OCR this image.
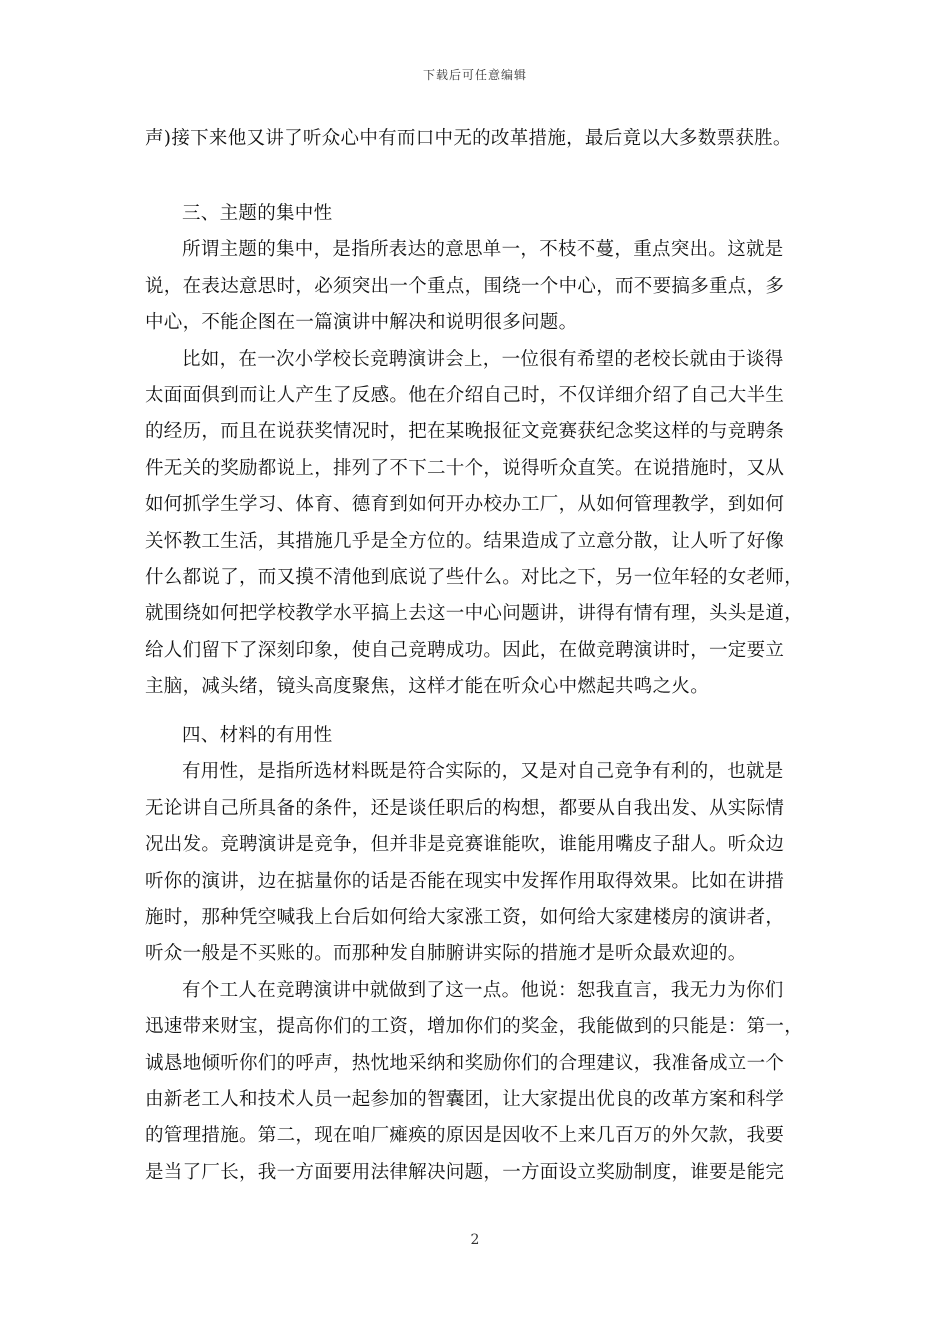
下载后可任意编辑
声)接下来他又讲了听众心中有而口中无的改革措施，最后竟以大多数票获胜。
三、主题的集中性
所谓主题的集中，是指所表达的意思单一，不枝不蔓，重点突出。这就是
说，在表达意思时，必须突出一个重点，围绕一个中心，而不要搞多重点，多
中心，不能企图在一篇演讲中解决和说明很多问题。
比如，在一次小学校长竞聘演讲会上，一位很有希望的老校长就由于谈得
太面面俱到而让人产生了反感。他在介绍自己时，不仅详细介绍了自己大半生
的经历，而且在说获奖情况时，把在某晚报征文竞赛获纪念奖这样的与竞聘条
件无关的奖励都说上，排列了不下二十个，说得听众直笑。在说措施时，又从
如何抓学生学习、体育、德育到如何开办校办工厂，从如何管理教学，到如何
关怀教工生活，其措施几乎是全方位的。结果造成了立意分散，让人听了好像
什么都说了，而又摸不清他到底说了些什么。对比之下，另一位年轻的女老师，
就围绕如何把学校教学水平搞上去这一中心问题讲，讲得有情有理，头头是道，
给人们留下了深刻印象，使自己竞聘成功。因此，在做竞聘演讲时，一定要立
主脑，减头绪，镜头高度聚焦，这样才能在听众心中燃起共鸣之火。
四、材料的有用性
有用性，是指所选材料既是符合实际的，又是对自己竞争有利的，也就是
无论讲自己所具备的条件，还是谈任职后的构想，都要从自我出发、从实际情
况出发。竞聘演讲是竞争，但并非是竞赛谁能吹，谁能用嘴皮子甜人。听众边
听你的演讲，边在掂量你的话是否能在现实中发挥作用取得效果。比如在讲措
施时，那种凭空喊我上台后如何给大家涨工资，如何给大家建楼房的演讲者，
听众一般是不买账的。而那种发自肺腑讲实际的措施才是听众最欢迎的。
有个工人在竞聘演讲中就做到了这一点。他说：恕我直言，我无力为你们
迅速带来财宝，提高你们的工资，增加你们的奖金，我能做到的只能是：第一，
诚恳地倾听你们的呼声，热忱地采纳和奖励你们的合理建议，我准备成立一个
由新老工人和技术人员一起参加的智囊团，让大家提出优良的改革方案和科学
的管理措施。第二，现在咱厂瘫痪的原因是因收不上来几百万的外欠款，我要
是当了厂长，我一方面要用法律解决问题，一方面设立奖励制度，谁要是能完
2
